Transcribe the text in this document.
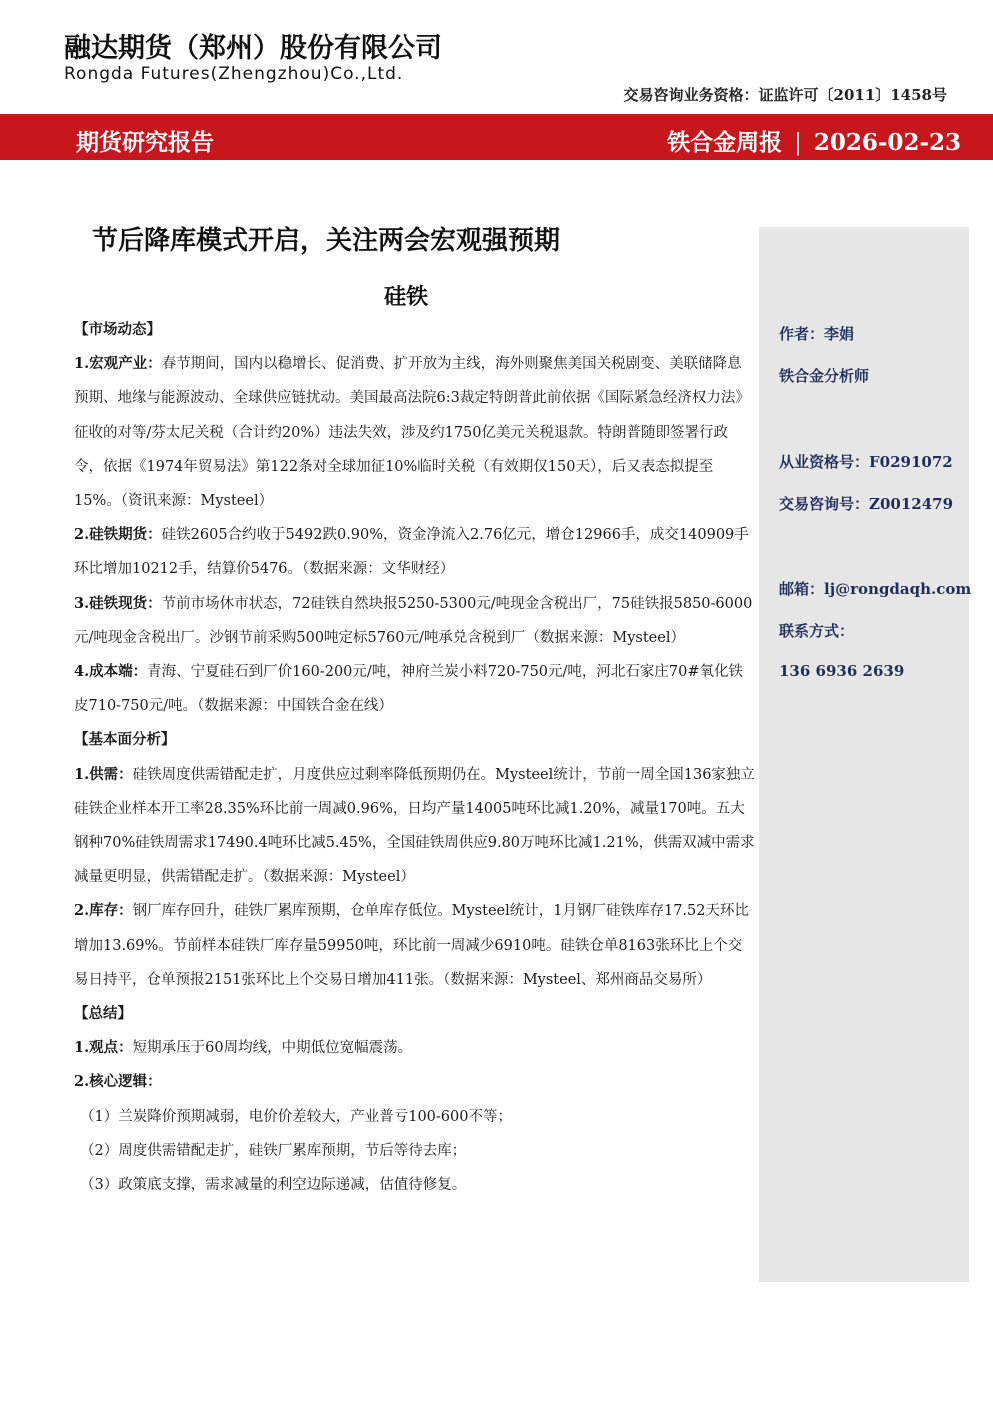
融达期货（郑州）股份有限公司
Rongda Futures(Zhengzhou)Co.,Ltd.
交易咨询业务资格：证监许可〔2011〕1458号
期货研究报告	铁合金周报 | 2026-02-23
作者：李娟
铁合金分析师
从业资格号：F0291072
交易咨询号：Z0012479
邮箱：lj@rongdaqh.com
联系方式：
136 6936 2639
节后降库模式开启，关注两会宏观强预期
硅铁

【市场动态】

1.宏观产业：春节期间，国内以稳增长、促消费、扩开放为主线，海外则聚焦美国关税剧变、美联储降息预期、地缘与能源波动、全球供应链扰动。美国最高法院6:3裁定特朗普此前依据《国际紧急经济权力法》征收的对等/芬太尼关税（合计约20%）违法失效，涉及约1750亿美元关税退款。特朗普随即签署行政令，依据《1974年贸易法》第122条对全球加征10%临时关税（有效期仅150天），后又表态拟提至15%。（资讯来源：Mysteel）

2.硅铁期货：硅铁2605合约收于5492跌0.90%，资金净流入2.76亿元，增仓12966手，成交140909手环比增加10212手，结算价5476。（数据来源：文华财经）

3.硅铁现货：节前市场休市状态，72硅铁自然块报5250-5300元/吨现金含税出厂，75硅铁报5850-6000元/吨现金含税出厂。沙钢节前采购500吨定标5760元/吨承兑含税到厂（数据来源：Mysteel）

4.成本端：青海、宁夏硅石到厂价160-200元/吨，神府兰炭小料720-750元/吨，河北石家庄70#氧化铁皮710-750元/吨。（数据来源：中国铁合金在线）

【基本面分析】

1.供需：硅铁周度供需错配走扩，月度供应过剩率降低预期仍在。Mysteel统计，节前一周全国136家独立硅铁企业样本开工率28.35%环比前一周减0.96%，日均产量14005吨环比减1.20%，减量170吨。五大钢种70%硅铁周需求17490.4吨环比减5.45%，全国硅铁周供应9.80万吨环比减1.21%，供需双减中需求减量更明显，供需错配走扩。（数据来源：Mysteel）

2.库存：钢厂库存回升，硅铁厂累库预期，仓单库存低位。Mysteel统计，1月钢厂硅铁库存17.52天环比增加13.69%。节前样本硅铁厂库存量59950吨，环比前一周减少6910吨。硅铁仓单8163张环比上个交易日持平，仓单预报2151张环比上个交易日增加411张。（数据来源：Mysteel、郑州商品交易所）

【总结】

1.观点：短期承压于60周均线，中期低位宽幅震荡。

2.核心逻辑：

（1）兰炭降价预期减弱，电价价差较大，产业普亏100-600不等；

（2）周度供需错配走扩，硅铁厂累库预期，节后等待去库；

（3）政策底支撑，需求减量的利空边际递减，估值待修复。
